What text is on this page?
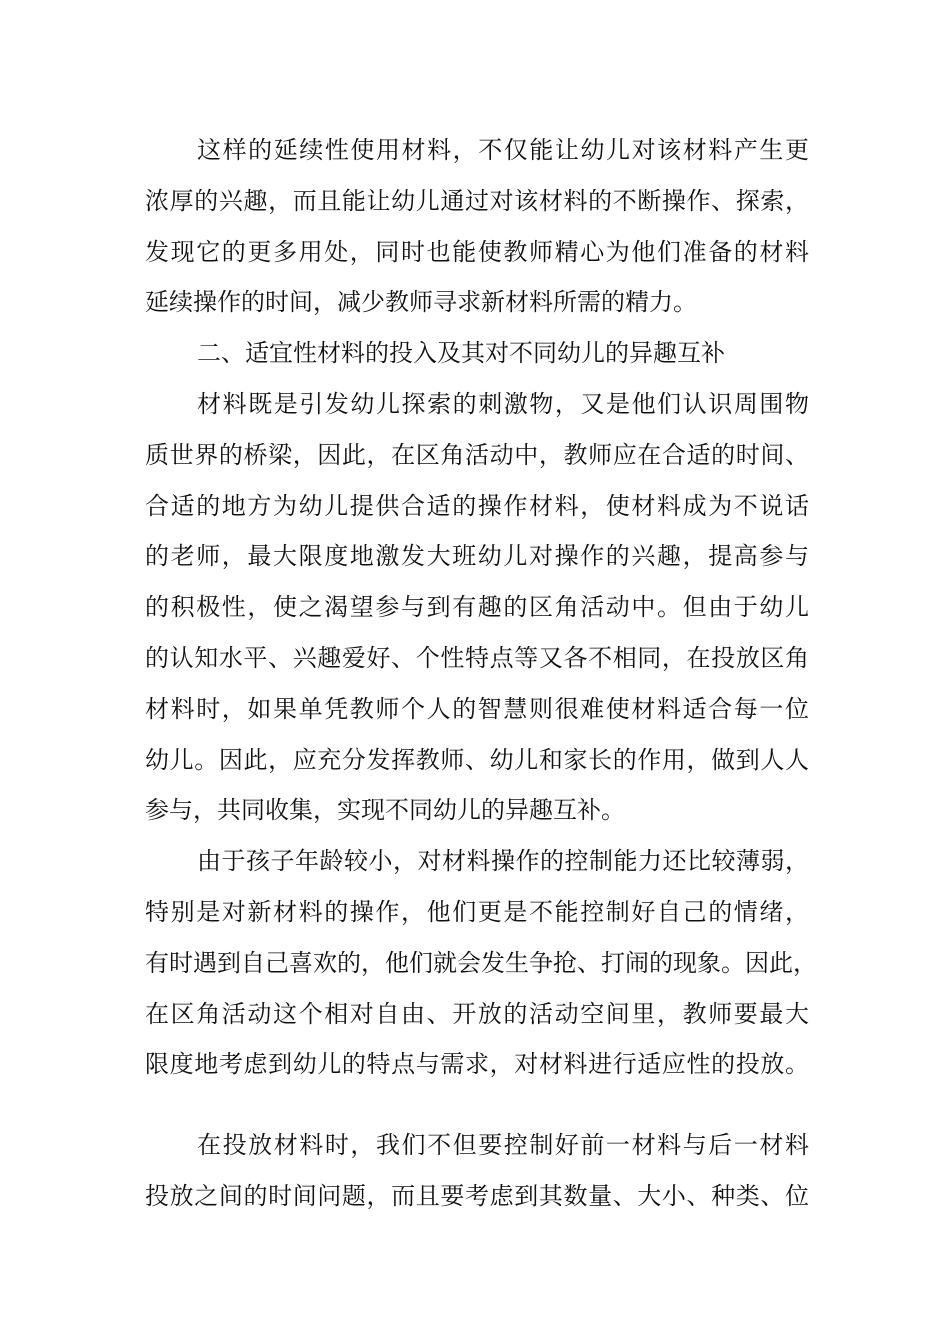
这样的延续性使用材料，不仅能让幼儿对该材料产生更
浓厚的兴趣，而且能让幼儿通过对该材料的不断操作、探索，
发现它的更多用处，同时也能使教师精心为他们准备的材料
延续操作的时间，减少教师寻求新材料所需的精力。
二、适宜性材料的投入及其对不同幼儿的异趣互补
材料既是引发幼儿探索的刺激物，又是他们认识周围物
质世界的桥梁，因此，在区角活动中，教师应在合适的时间、
合适的地方为幼儿提供合适的操作材料，使材料成为不说话
的老师，最大限度地激发大班幼儿对操作的兴趣，提高参与
的积极性，使之渴望参与到有趣的区角活动中。但由于幼儿
的认知水平、兴趣爱好、个性特点等又各不相同，在投放区角
材料时，如果单凭教师个人的智慧则很难使材料适合每一位
幼儿。因此，应充分发挥教师、幼儿和家长的作用，做到人人
参与，共同收集，实现不同幼儿的异趣互补。
由于孩子年龄较小，对材料操作的控制能力还比较薄弱，
特别是对新材料的操作，他们更是不能控制好自己的情绪，
有时遇到自己喜欢的，他们就会发生争抢、打闹的现象。因此，
在区角活动这个相对自由、开放的活动空间里，教师要最大
限度地考虑到幼儿的特点与需求，对材料进行适应性的投放。
在投放材料时，我们不但要控制好前一材料与后一材料
投放之间的时间问题，而且要考虑到其数量、大小、种类、位
